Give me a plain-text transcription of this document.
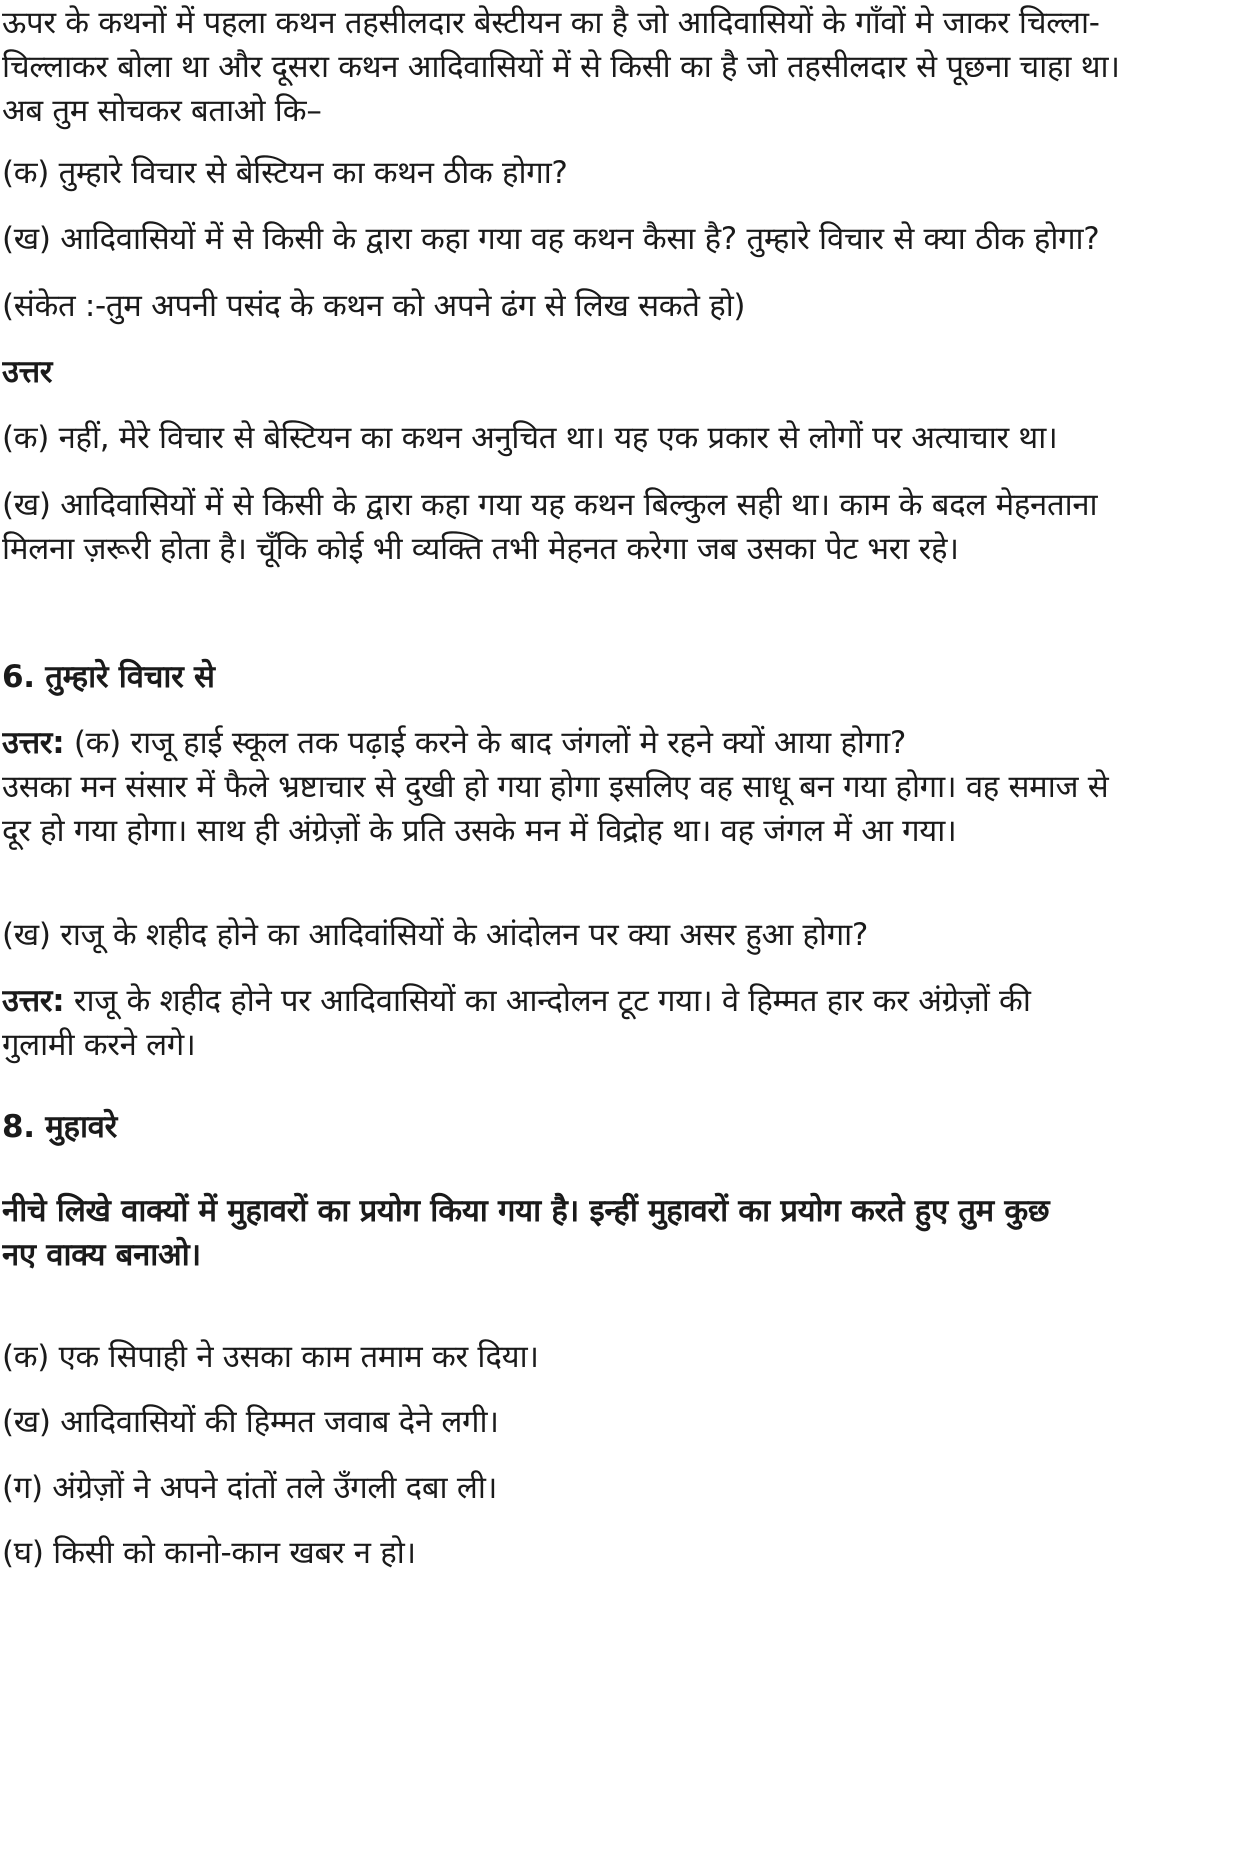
ऊपर के कथनों में पहला कथन तहसीलदार बेस्टीयन का है जो आदिवासियों के गाँवों मे जाकर चिल्ला-
चिल्लाकर बोला था और दूसरा कथन आदिवासियों में से किसी का है जो तहसीलदार से पूछना चाहा था।
अब तुम सोचकर बताओ कि–
(क) तुम्हारे विचार से बेस्टियन का कथन ठीक होगा?
(ख) आदिवासियों में से किसी के द्वारा कहा गया वह कथन कैसा है? तुम्हारे विचार से क्या ठीक होगा?
(संकेत :-तुम अपनी पसंद के कथन को अपने ढंग से लिख सकते हो)
उत्तर
(क) नहीं, मेरे विचार से बेस्टियन का कथन अनुचित था। यह एक प्रकार से लोगों पर अत्याचार था।
(ख) आदिवासियों में से किसी के द्वारा कहा गया यह कथन बिल्कुल सही था। काम के बदल मेहनताना
मिलना ज़रूरी होता है। चूँकि कोई भी व्यक्ति तभी मेहनत करेगा जब उसका पेट भरा रहे।
6. तुम्हारे विचार से
उत्तर: (क) राजू हाई स्कूल तक पढ़ाई करने के बाद जंगलों मे रहने क्यों आया होगा?
उसका मन संसार में फैले भ्रष्टाचार से दुखी हो गया होगा इसलिए वह साधू बन गया होगा। वह समाज से
दूर हो गया होगा। साथ ही अंग्रेज़ों के प्रति उसके मन में विद्रोह था। वह जंगल में आ गया।
(ख) राजू के शहीद होने का आदिवांसियों के आंदोलन पर क्या असर हुआ होगा?
उत्तर: राजू के शहीद होने पर आदिवासियों का आन्दोलन टूट गया। वे हिम्मत हार कर अंग्रेज़ों की
गुलामी करने लगे।
8. मुहावरे
नीचे लिखे वाक्यों में मुहावरों का प्रयोग किया गया है। इन्हीं मुहावरों का प्रयोग करते हुए तुम कुछ
नए वाक्य बनाओ।
(क) एक सिपाही ने उसका काम तमाम कर दिया।
(ख) आदिवासियों की हिम्मत जवाब देने लगी।
(ग) अंग्रेज़ों ने अपने दांतों तले उँगली दबा ली।
(घ) किसी को कानो-कान खबर न हो।
